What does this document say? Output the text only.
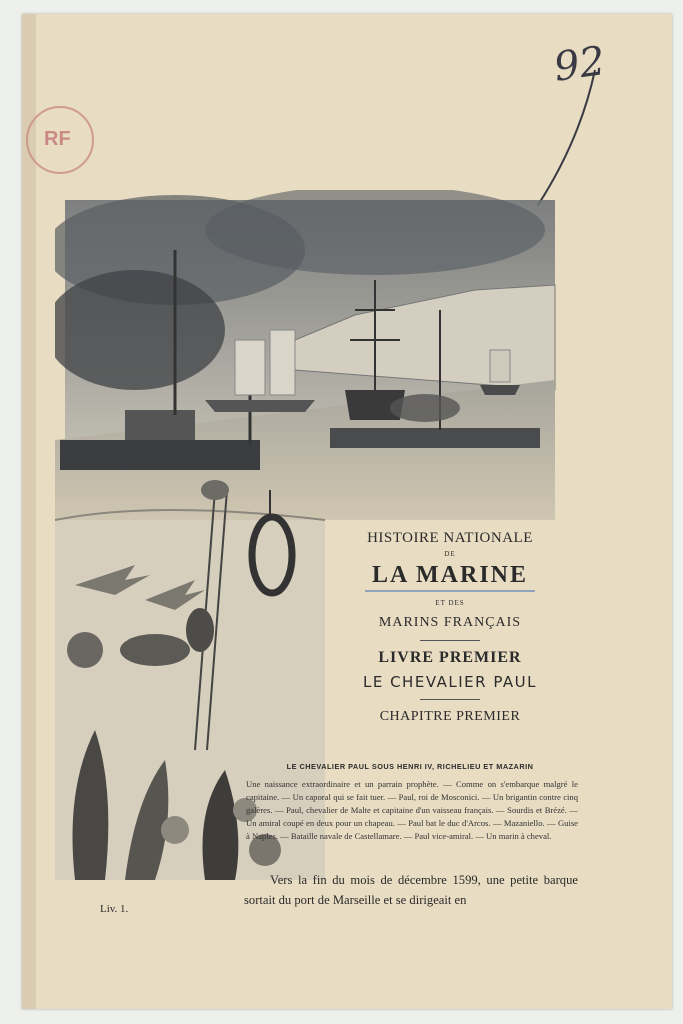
92
RF

HISTOIRE NATIONALE

DE

LA MARINE

ET DES

MARINS FRANÇAIS

LIVRE PREMIER

LE CHEVALIER PAUL

CHAPITRE PREMIER

LE CHEVALIER PAUL SOUS HENRI IV, RICHELIEU ET MAZARIN
Une naissance extraordinaire et un parrain prophète. — Comme on s'embarque malgré le capitaine. — Un caporal qui se fait tuer. — Paul, roi de Mosconici. — Un brigantin contre cinq galères. — Paul, chevalier de Malte et capitaine d'un vaisseau français. — Sourdis et Brézé. — Un amiral coupé en deux pour un chapeau. — Paul bat le duc d'Arcos. — Mazaniello. — Guise à Naples. — Bataille navale de Castellamare. — Paul vice-amiral. — Un marin à cheval.
Vers la fin du mois de décembre 1599, une petite barque sortait du port de Marseille et se dirigeait en
Liv. 1.
